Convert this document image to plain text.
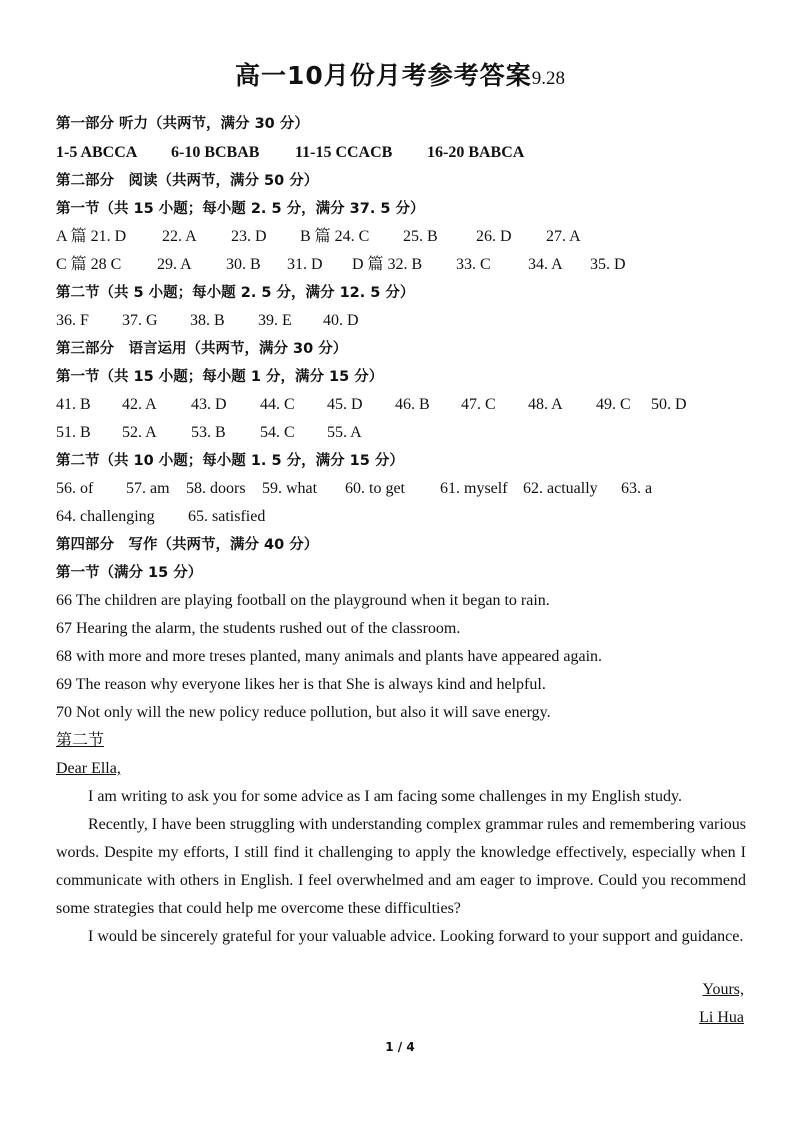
高一10月份月考参考答案9.28
第一部分 听力（共两节，满分 30 分）
1-5 ABCCA 6-10 BCBAB 11-15 CCACB 16-20 BABCA
第二部分　阅读（共两节，满分 50 分）
第一节（共 15 小题；每小题 2. 5 分，满分 37. 5 分）
A 篇 21. D 22. A 23. D B 篇 24. C 25. B 26. D 27. A
C 篇 28 C 29. A 30. B 31. D D 篇 32. B 33. C 34. A 35. D
第二节（共 5 小题；每小题 2. 5 分，满分 12. 5 分）
36. F 37. G 38. B 39. E 40. D
第三部分　语言运用（共两节，满分 30 分）
第一节（共 15 小题；每小题 1 分，满分 15 分）
41. B 42. A 43. D 44. C 45. D 46. B 47. C 48. A 49. C 50. D
51. B 52. A 53. B 54. C 55. A
第二节（共 10 小题；每小题 1. 5 分，满分 15 分）
56. of 57. am 58. doors 59. what 60. to get 61. myself 62. actually 63. a
64. challenging 65. satisfied
第四部分　写作（共两节，满分 40 分）
第一节（满分 15 分）
66 The children are playing football on the playground when it began to rain.
67 Hearing the alarm, the students rushed out of the classroom.
68 with more and more treses planted, many animals and plants have appeared again.
69 The reason why everyone likes her is that She is always kind and helpful.
70 Not only will the new policy reduce pollution, but also it will save energy.
第二节
Dear Ella,
I am writing to ask you for some advice as I am facing some challenges in my English study.
Recently, I have been struggling with understanding complex grammar rules and remembering various words. Despite my efforts, I still find it challenging to apply the knowledge effectively, especially when I communicate with others in English. I feel overwhelmed and am eager to improve. Could you recommend some strategies that could help me overcome these difficulties?
I would be sincerely grateful for your valuable advice. Looking forward to your support and guidance.
Yours,
Li Hua
1 / 4
